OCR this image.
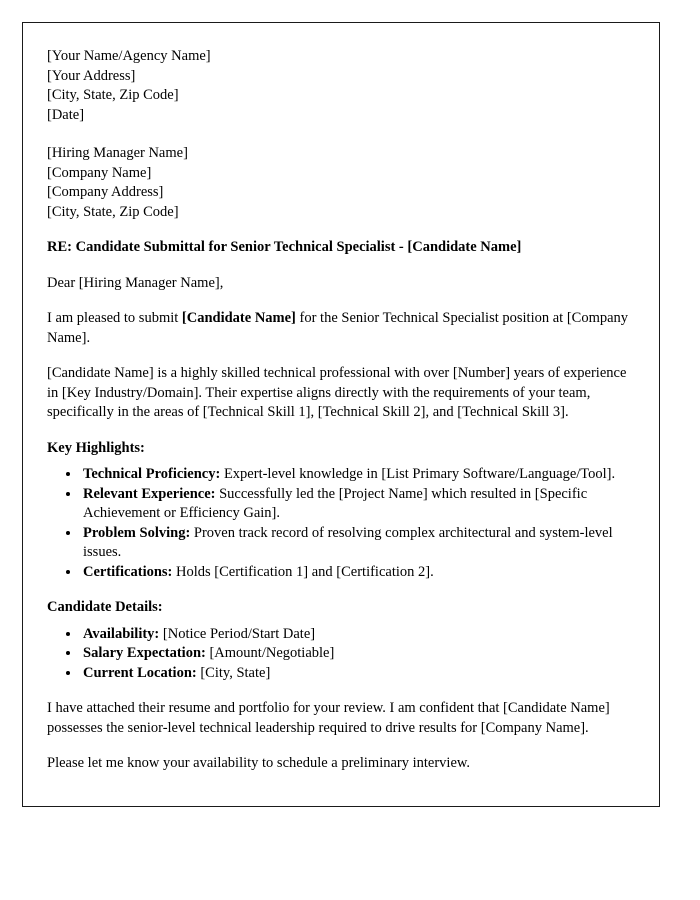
[Your Name/Agency Name]

[Your Address]

[City, State, Zip Code]

[Date]

[Hiring Manager Name]

[Company Name]

[Company Address]

[City, State, Zip Code]

RE: Candidate Submittal for Senior Technical Specialist - [Candidate Name]

Dear [Hiring Manager Name],

I am pleased to submit [Candidate Name] for the Senior Technical Specialist position at [Company Name].

[Candidate Name] is a highly skilled technical professional with over [Number] years of experience in [Key Industry/Domain]. Their expertise aligns directly with the requirements of your team, specifically in the areas of [Technical Skill 1], [Technical Skill 2], and [Technical Skill 3].

Key Highlights:

• Technical Proficiency: Expert-level knowledge in [List Primary Software/Language/Tool].
• Relevant Experience: Successfully led the [Project Name] which resulted in [Specific Achievement or Efficiency Gain].
• Problem Solving: Proven track record of resolving complex architectural and system-level issues.
• Certifications: Holds [Certification 1] and [Certification 2].

Candidate Details:

• Availability: [Notice Period/Start Date]
• Salary Expectation: [Amount/Negotiable]
• Current Location: [City, State]

I have attached their resume and portfolio for your review. I am confident that [Candidate Name] possesses the senior-level technical leadership required to drive results for [Company Name].

Please let me know your availability to schedule a preliminary interview.
